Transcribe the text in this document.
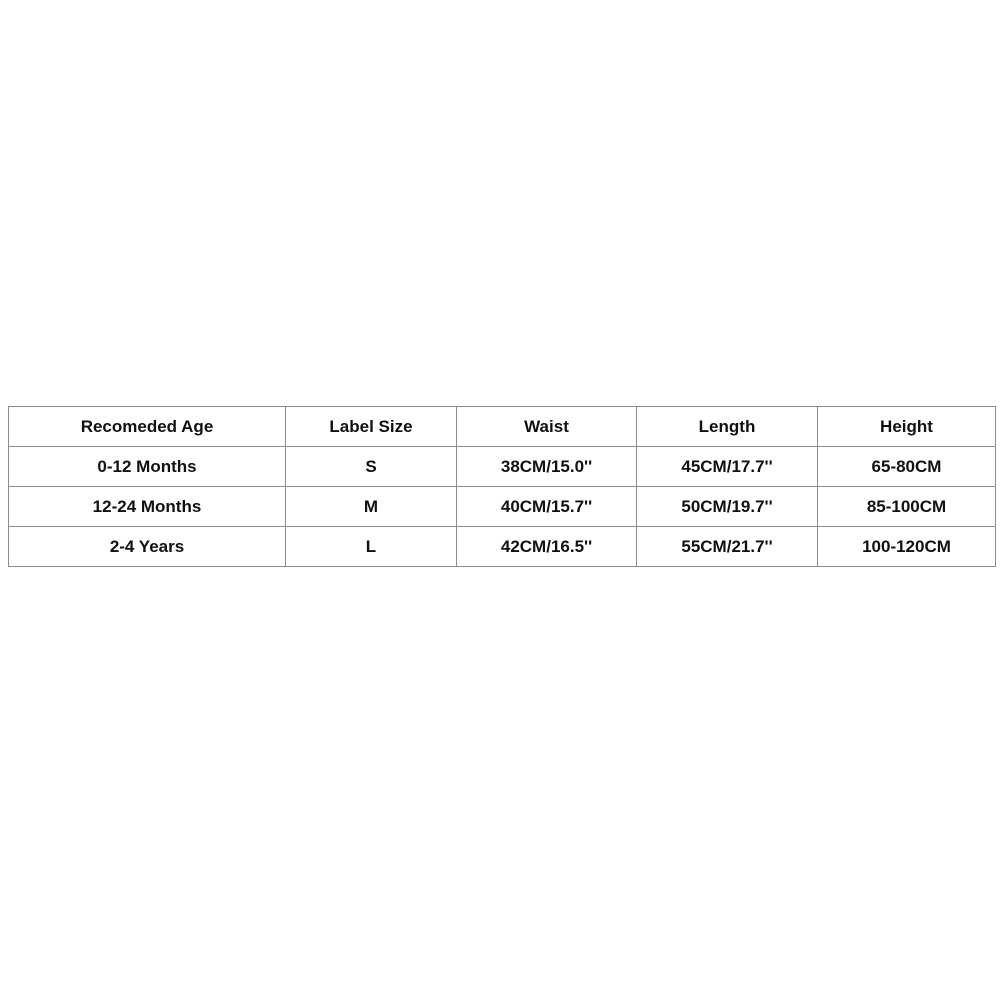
Recomeded Age	Label Size	Waist	Length	Height
0-12 Months	S	38CM/15.0''	45CM/17.7''	65-80CM
12-24 Months	M	40CM/15.7''	50CM/19.7''	85-100CM
2-4 Years	L	42CM/16.5''	55CM/21.7''	100-120CM
